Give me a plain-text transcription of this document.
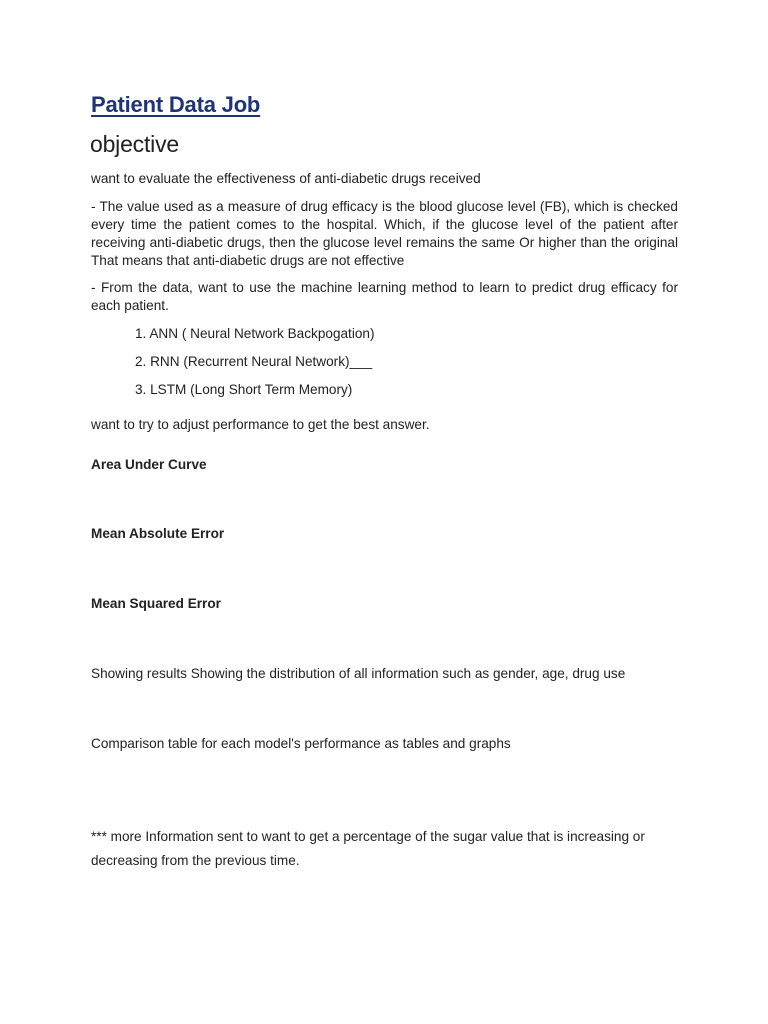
Patient Data Job
objective

want to evaluate the effectiveness of anti-diabetic drugs received

- The value used as a measure of drug efficacy is the blood glucose level (FB), which is checked every time the patient comes to the hospital. Which, if the glucose level of the patient after receiving anti-diabetic drugs, then the glucose level remains the same Or higher than the original That means that anti-diabetic drugs are not effective

- From the data, want to use the machine learning method to learn to predict drug efficacy for each patient.

1. ANN ( Neural Network Backpogation)
2. RNN (Recurrent Neural Network)___
3. LSTM (Long Short Term Memory)

want to try to adjust performance to get the best answer.

Area Under Curve
Mean Absolute Error
Mean Squared Error

Showing results Showing the distribution of all information such as gender, age, drug use

Comparison table for each model's performance as tables and graphs

*** more Information sent to want to get a percentage of the sugar value that is increasing or decreasing from the previous time.
